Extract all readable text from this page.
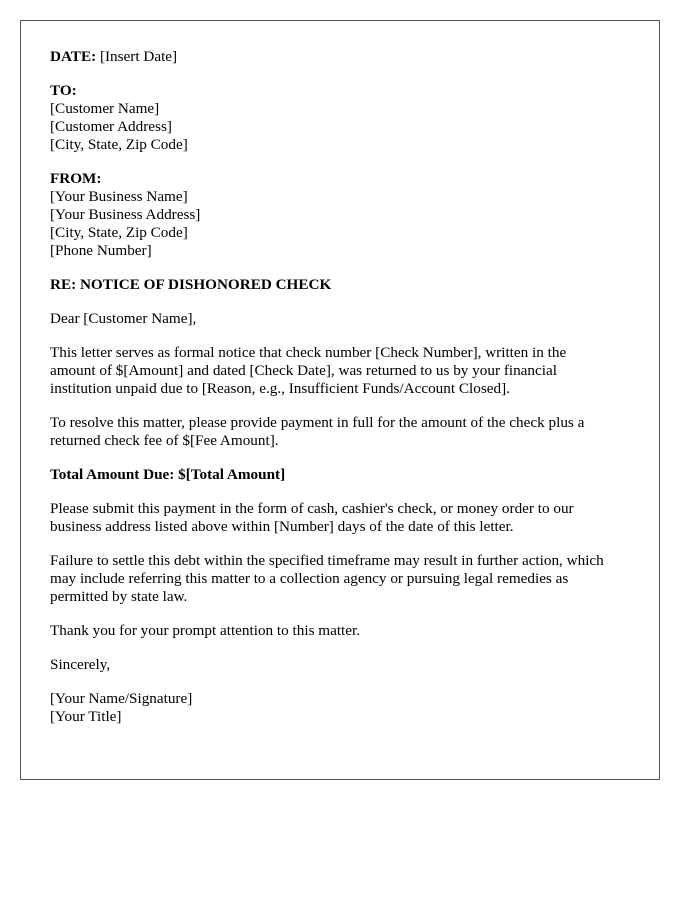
DATE: [Insert Date]
TO:
[Customer Name]
[Customer Address]
[City, State, Zip Code]
FROM:
[Your Business Name]
[Your Business Address]
[City, State, Zip Code]
[Phone Number]
RE: NOTICE OF DISHONORED CHECK
Dear [Customer Name],
This letter serves as formal notice that check number [Check Number], written in the
amount of $[Amount] and dated [Check Date], was returned to us by your financial
institution unpaid due to [Reason, e.g., Insufficient Funds/Account Closed].
To resolve this matter, please provide payment in full for the amount of the check plus a
returned check fee of $[Fee Amount].
Total Amount Due: $[Total Amount]
Please submit this payment in the form of cash, cashier's check, or money order to our
business address listed above within [Number] days of the date of this letter.
Failure to settle this debt within the specified timeframe may result in further action, which
may include referring this matter to a collection agency or pursuing legal remedies as
permitted by state law.
Thank you for your prompt attention to this matter.
Sincerely,
[Your Name/Signature]
[Your Title]
